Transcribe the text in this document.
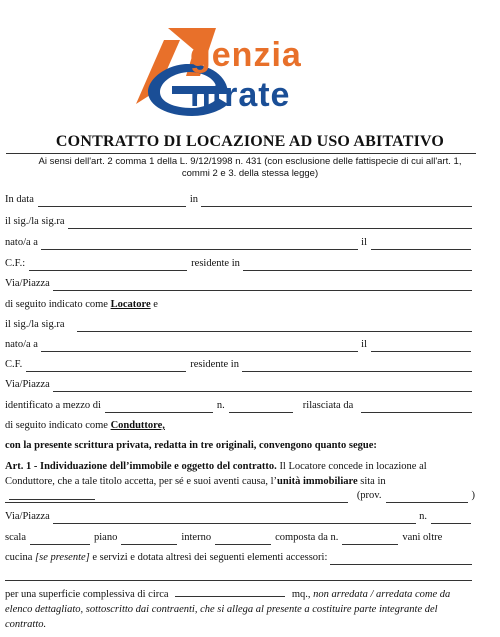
genzia
ntrate
CONTRATTO DI LOCAZIONE AD USO ABITATIVO
Ai sensi dell'art. 2 comma 1 della L. 9/12/1998 n. 431 (con esclusione delle fattispecie di cui all'art. 1,
commi 2 e 3. della stessa legge)
In data	in
il sig./la sig.ra
nato/a a	il
C.F.:	residente in
Via/Piazza
di seguito indicato come
Locatore
e
il sig./la sig.ra
nato/a a	il
C.F.	residente in
Via/Piazza
identificato a mezzo di	n.	rilasciata da
di seguito indicato come
Conduttore,
con la presente scrittura privata, redatta in tre originali, convengono quanto segue:
Art. 1 - Individuazione dell’immobile e oggetto del contratto. Il Locatore concede in locazione al Conduttore, che a tale titolo accetta, per sé e suoi aventi causa, l’unità immobiliare sita in
(prov.	)
Via/Piazza	n.
scala	piano	interno	composta da n.	vani oltre
cucina
[se presente]
e servizi e dotata altresì dei seguenti elementi accessori:
per una superficie complessiva di circa	mq., non arredata / arredata come da elenco dettagliato, sottoscritto dai contraenti, che si allega al presente a costituire parte integrante del contratto.
